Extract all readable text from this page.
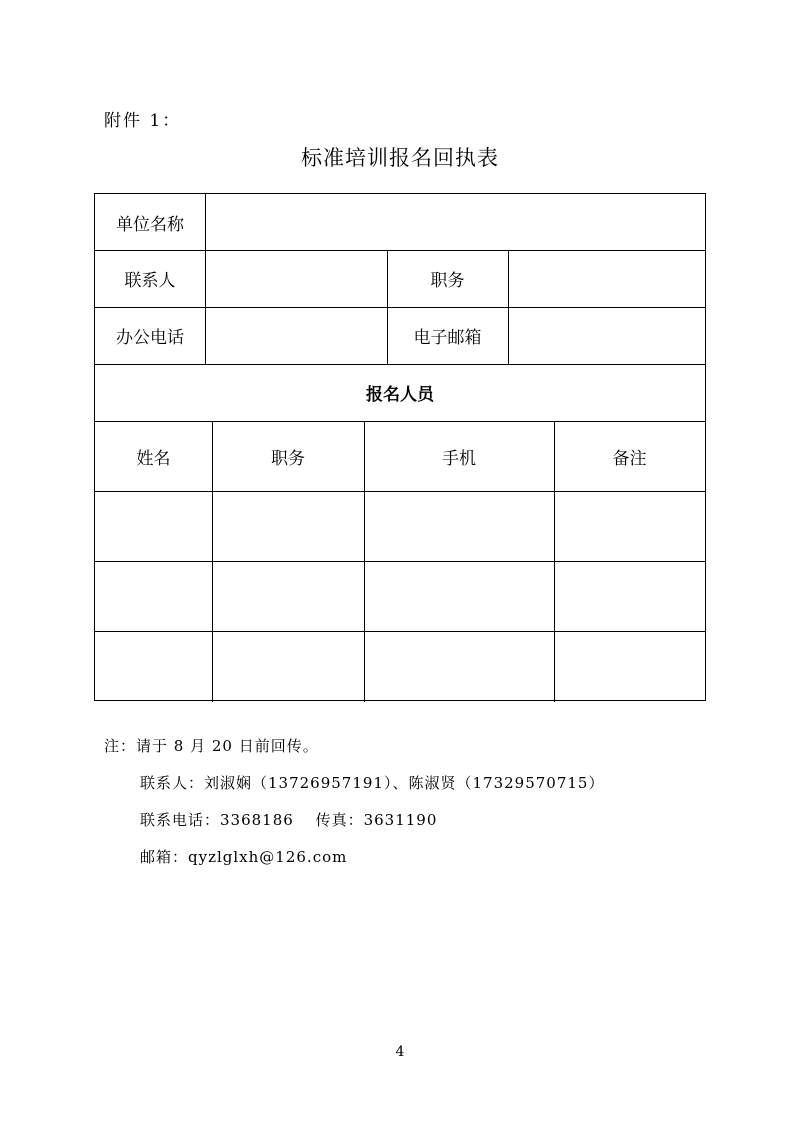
附件 1：
标准培训报名回执表
单位名称
联系人	职务
办公电话	电子邮箱
报名人员
姓名	职务	手机	备注
注：请于 8 月 20 日前回传。
联系人：刘淑娴（13726957191）、陈淑贤（17329570715）
联系电话：3368186　 传真：3631190
邮箱：qyzlglxh@126.com
4
